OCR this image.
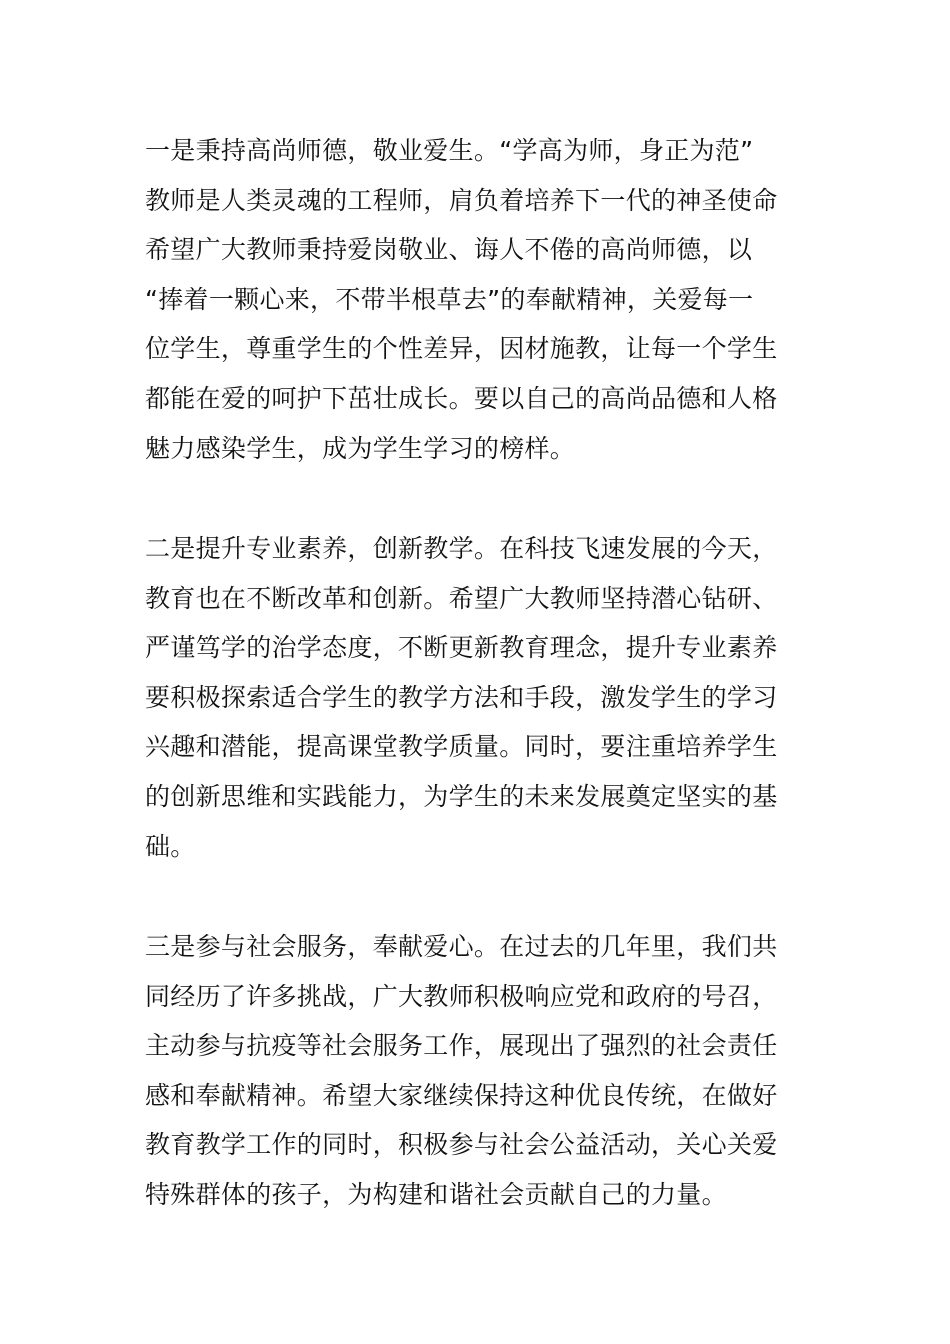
一是秉持高尚师德，敬业爱生。“学高为师，身正为范”
教师是人类灵魂的工程师，肩负着培养下一代的神圣使命
希望广大教师秉持爱岗敬业、诲人不倦的高尚师德，以
“捧着一颗心来，不带半根草去”的奉献精神，关爱每一
位学生，尊重学生的个性差异，因材施教，让每一个学生
都能在爱的呵护下茁壮成长。要以自己的高尚品德和人格
魅力感染学生，成为学生学习的榜样。
二是提升专业素养，创新教学。在科技飞速发展的今天，
教育也在不断改革和创新。希望广大教师坚持潜心钻研、
严谨笃学的治学态度，不断更新教育理念，提升专业素养
要积极探索适合学生的教学方法和手段，激发学生的学习
兴趣和潜能，提高课堂教学质量。同时，要注重培养学生
的创新思维和实践能力，为学生的未来发展奠定坚实的基
础。
三是参与社会服务，奉献爱心。在过去的几年里，我们共
同经历了许多挑战，广大教师积极响应党和政府的号召，
主动参与抗疫等社会服务工作，展现出了强烈的社会责任
感和奉献精神。希望大家继续保持这种优良传统，在做好
教育教学工作的同时，积极参与社会公益活动，关心关爱
特殊群体的孩子，为构建和谐社会贡献自己的力量。
